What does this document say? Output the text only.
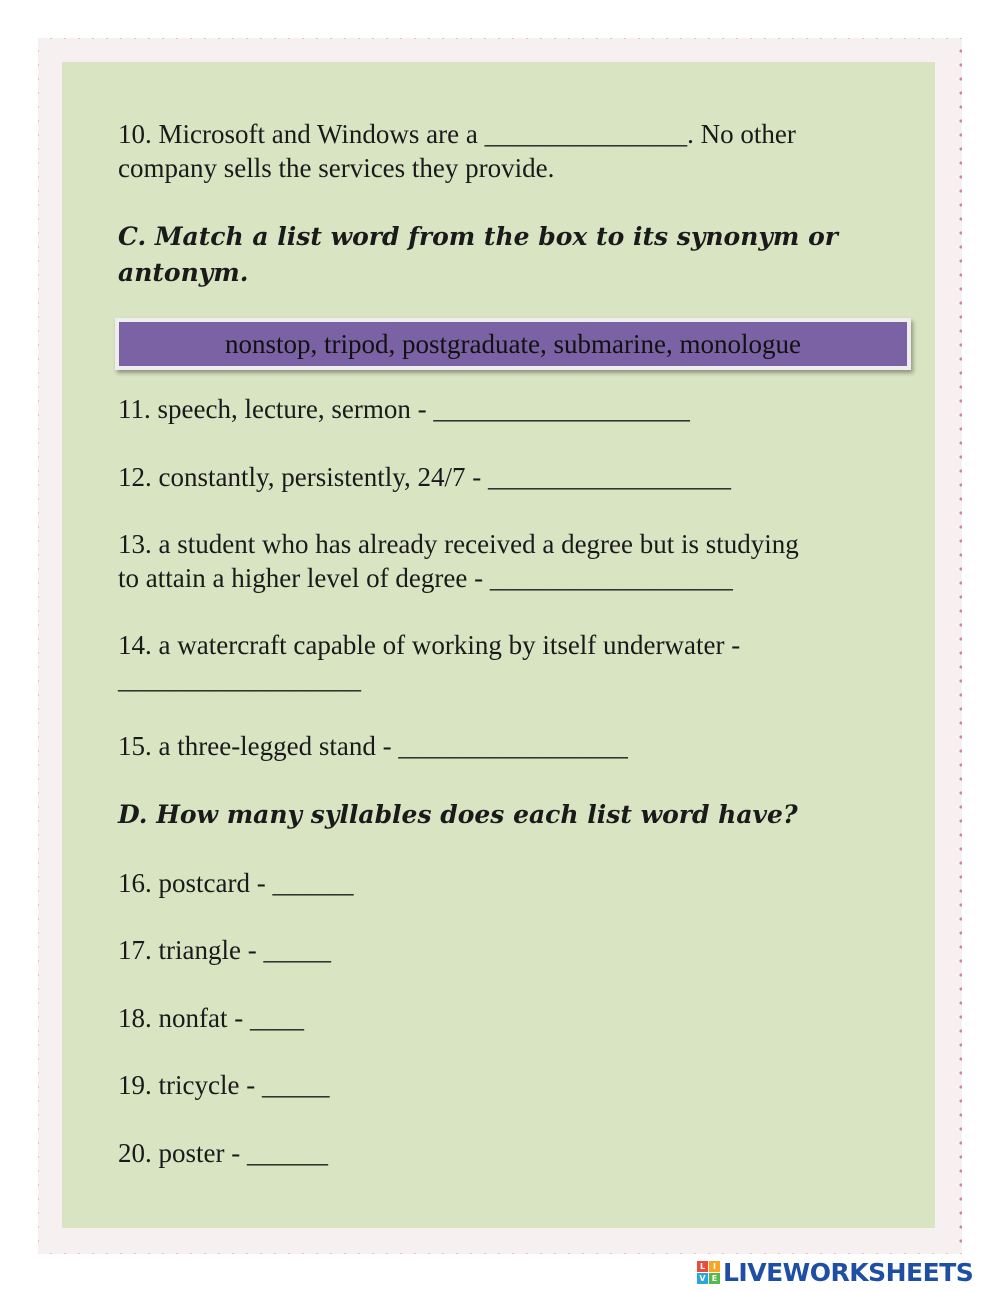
10. Microsoft and Windows are a _______________. No other
company sells the services they provide.

C. Match a list word from the box to its synonym or
antonym.
nonstop, tripod, postgraduate, submarine, monologue

11. speech, lecture, sermon - ___________________

12. constantly, persistently, 24/7 - __________________

13. a student who has already received a degree but is studying
to attain a higher level of degree - __________________

14. a watercraft capable of working by itself underwater -
__________________

15. a three-legged stand - _________________

D. How many syllables does each list word have?

16. postcard - ______

17. triangle - _____

18. nonfat - ____

19. tricycle - _____

20. poster - ______

L I
V E LIVEWORKSHEETS
